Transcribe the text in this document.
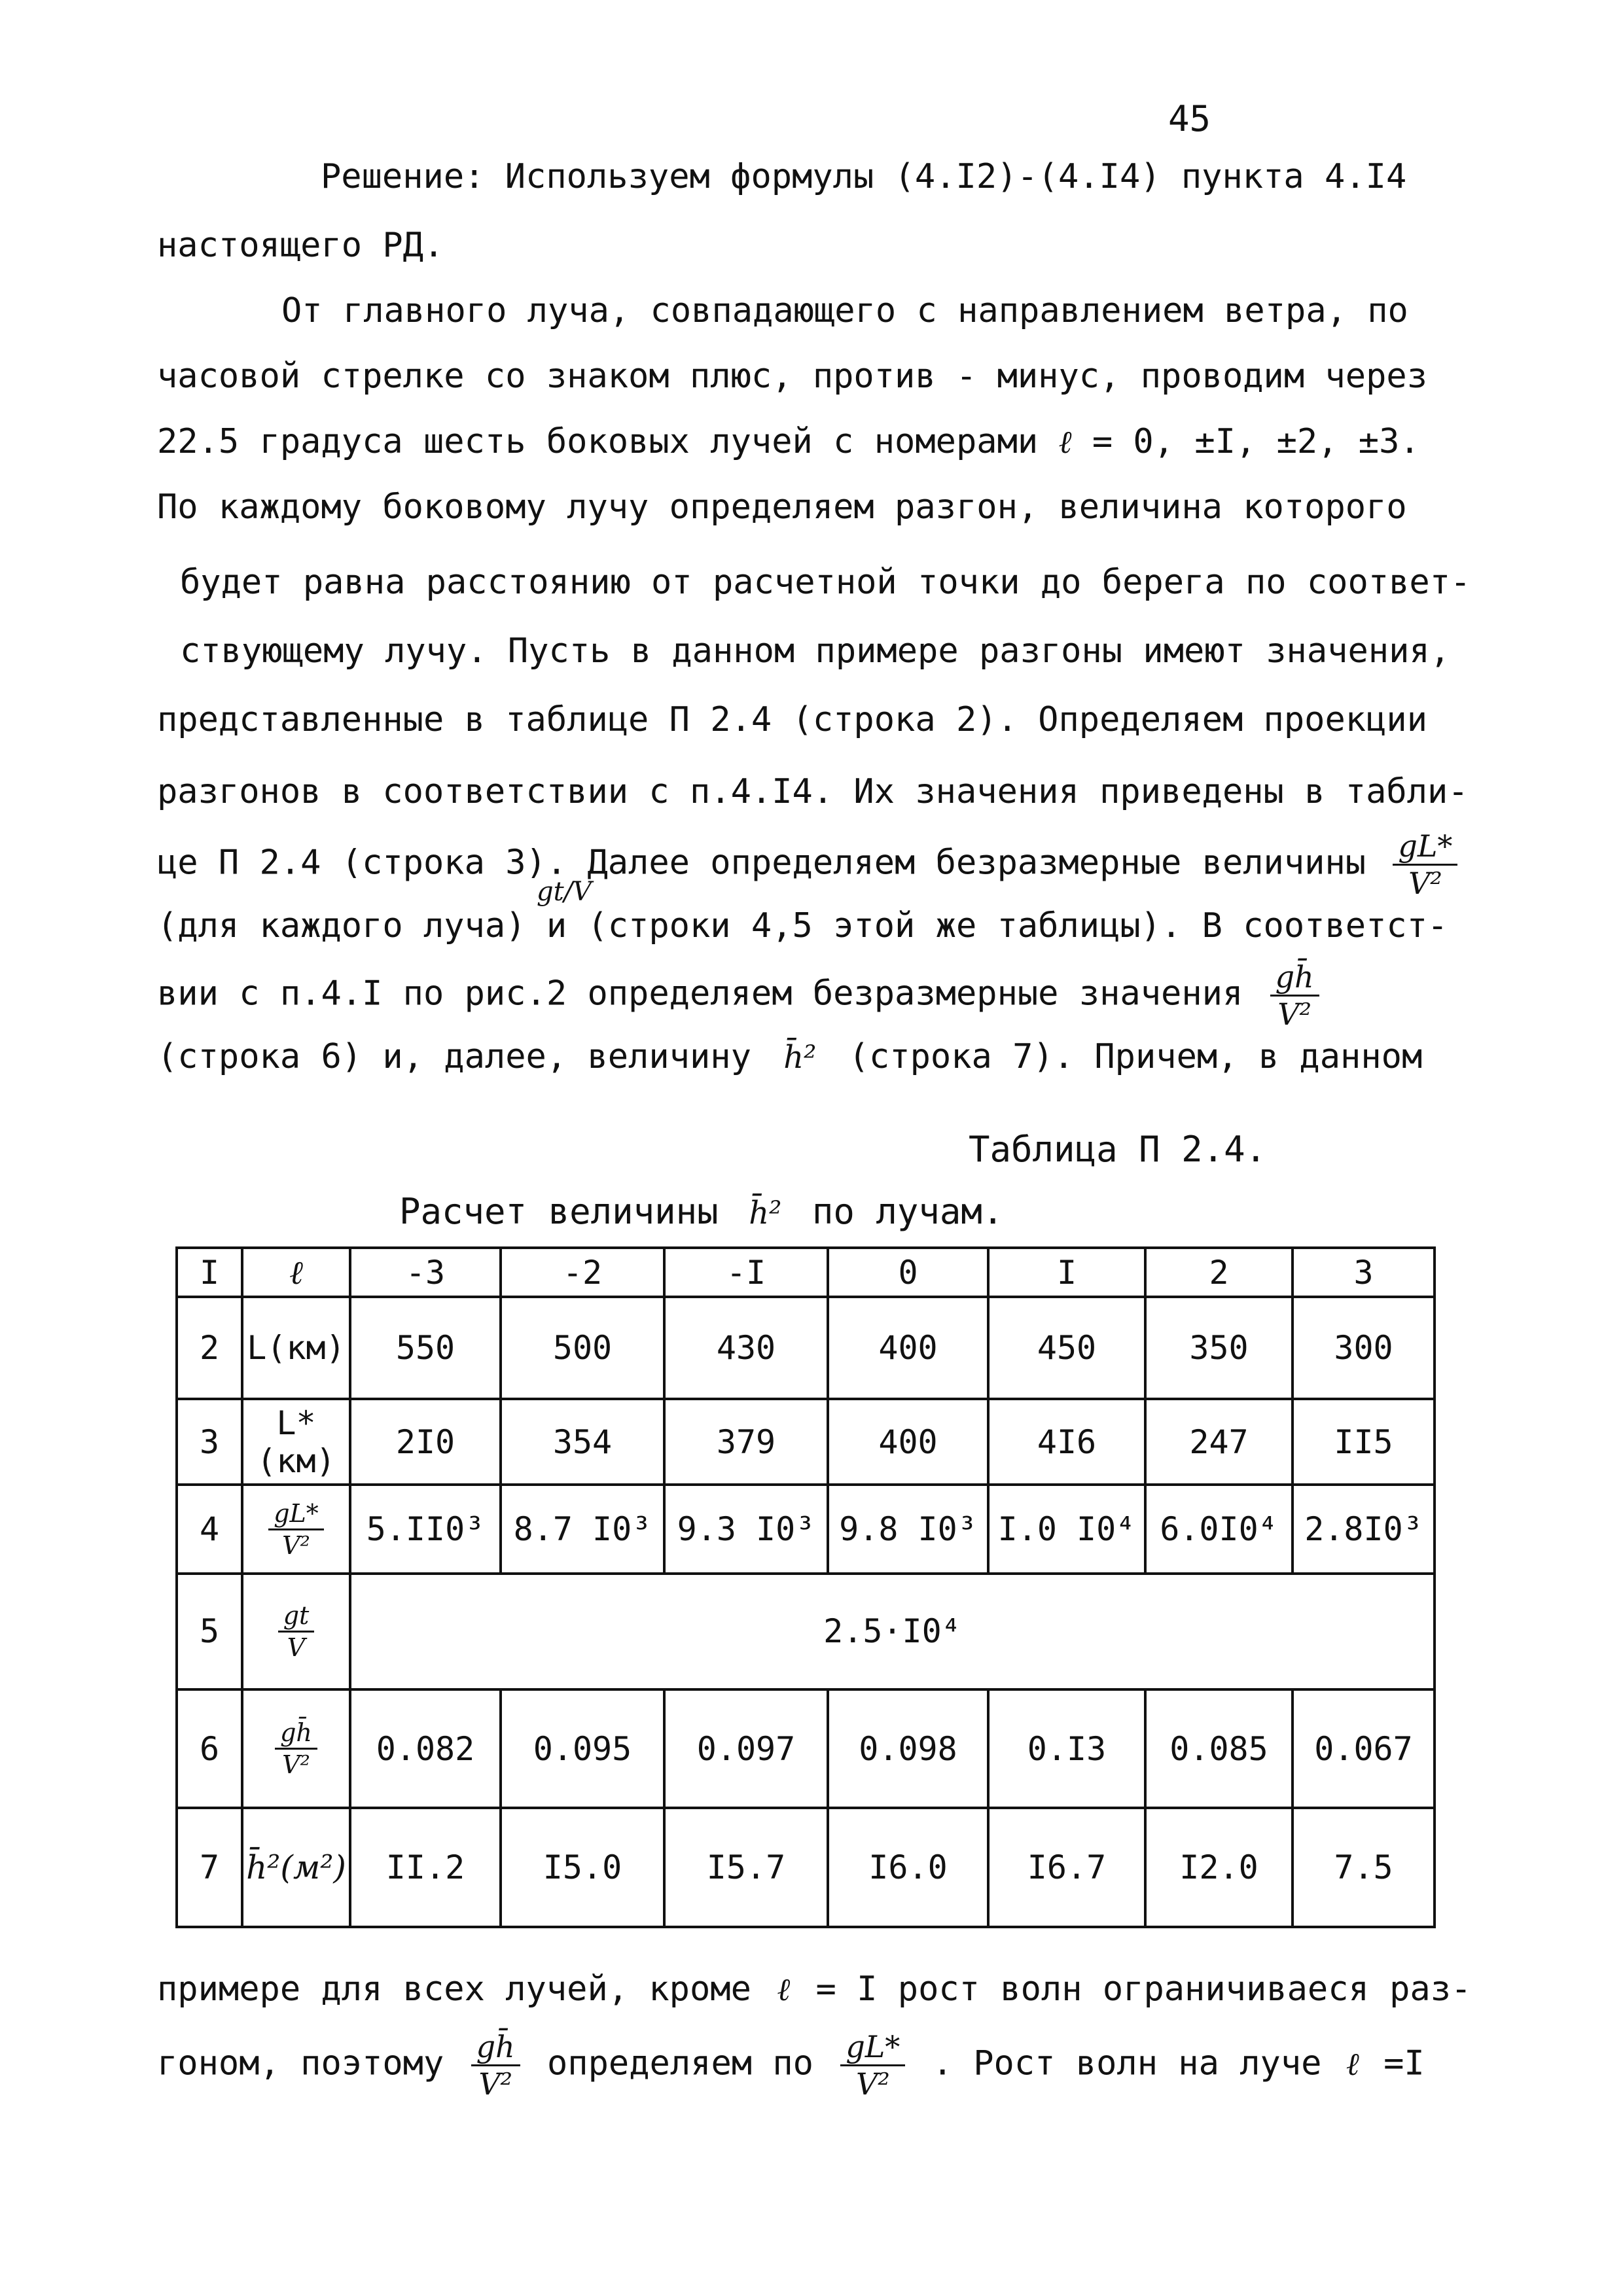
45
Решение: Используем формулы (4.I2)-(4.I4) пункта 4.I4
настоящего РД.
От главного луча, совпадающего с направлением ветра, по
часовой стрелке со знаком плюс, против - минус, проводим через
22.5 градуса шесть боковых лучей с номерами ℓ = 0, ±I, ±2, ±3.
По каждому боковому лучу определяем разгон, величина которого
будет равна расстоянию от расчетной точки до берега по соответ-
ствующему лучу. Пусть в данном примере разгоны имеют значения,
представленные в таблице П 2.4 (строка 2). Определяем проекции
разгонов в соответствии с п.4.I4. Их значения приведены в табли-
це П 2.4 (строка 3). Далее определяем безразмерные величины $\frac{gL*}{\text{V²}}$
gt/V
(для каждого луча) и (строки 4,5 этой же таблицы). В соответст-
вии с п.4.I по рис.2 определяем безразмерные значения $\frac{gh̄}{\text{V²}}$
(строка 6) и, далее, величину h̄² (строка 7). Причем, в данном
Таблица П 2.4.
Расчет величины h̄² по лучам.
I	ℓ	-3	-2	-I	0	I	2	3
2	L(км)	550	500	430	400	450	350	300
3	L*(км)	2I0	354	379	400	4I6	247	II5
4	$\frac{gL*}{\text{V²}}$	5.II0³	8.7 I0³	9.3 I0³	9.8 I0³	I.0 I0⁴	6.0I0⁴	2.8I0³
5	$\frac{gt}{V}$	2.5·I0⁴						
6	$\frac{gh̄}{\text{V²}}$	0.082	0.095	0.097	0.098	0.I3	0.085	0.067
7	h̄²(м²)	II.2	I5.0	I5.7	I6.0	I6.7	I2.0	7.5
примере для всех лучей, кроме ℓ = I рост волн ограничиваеся раз-
гоном, поэтому $\frac{gh̄}{\text{V²}}$ определяем по $\frac{gL*}{\text{V²}}$ . Рост волн на луче ℓ =I
